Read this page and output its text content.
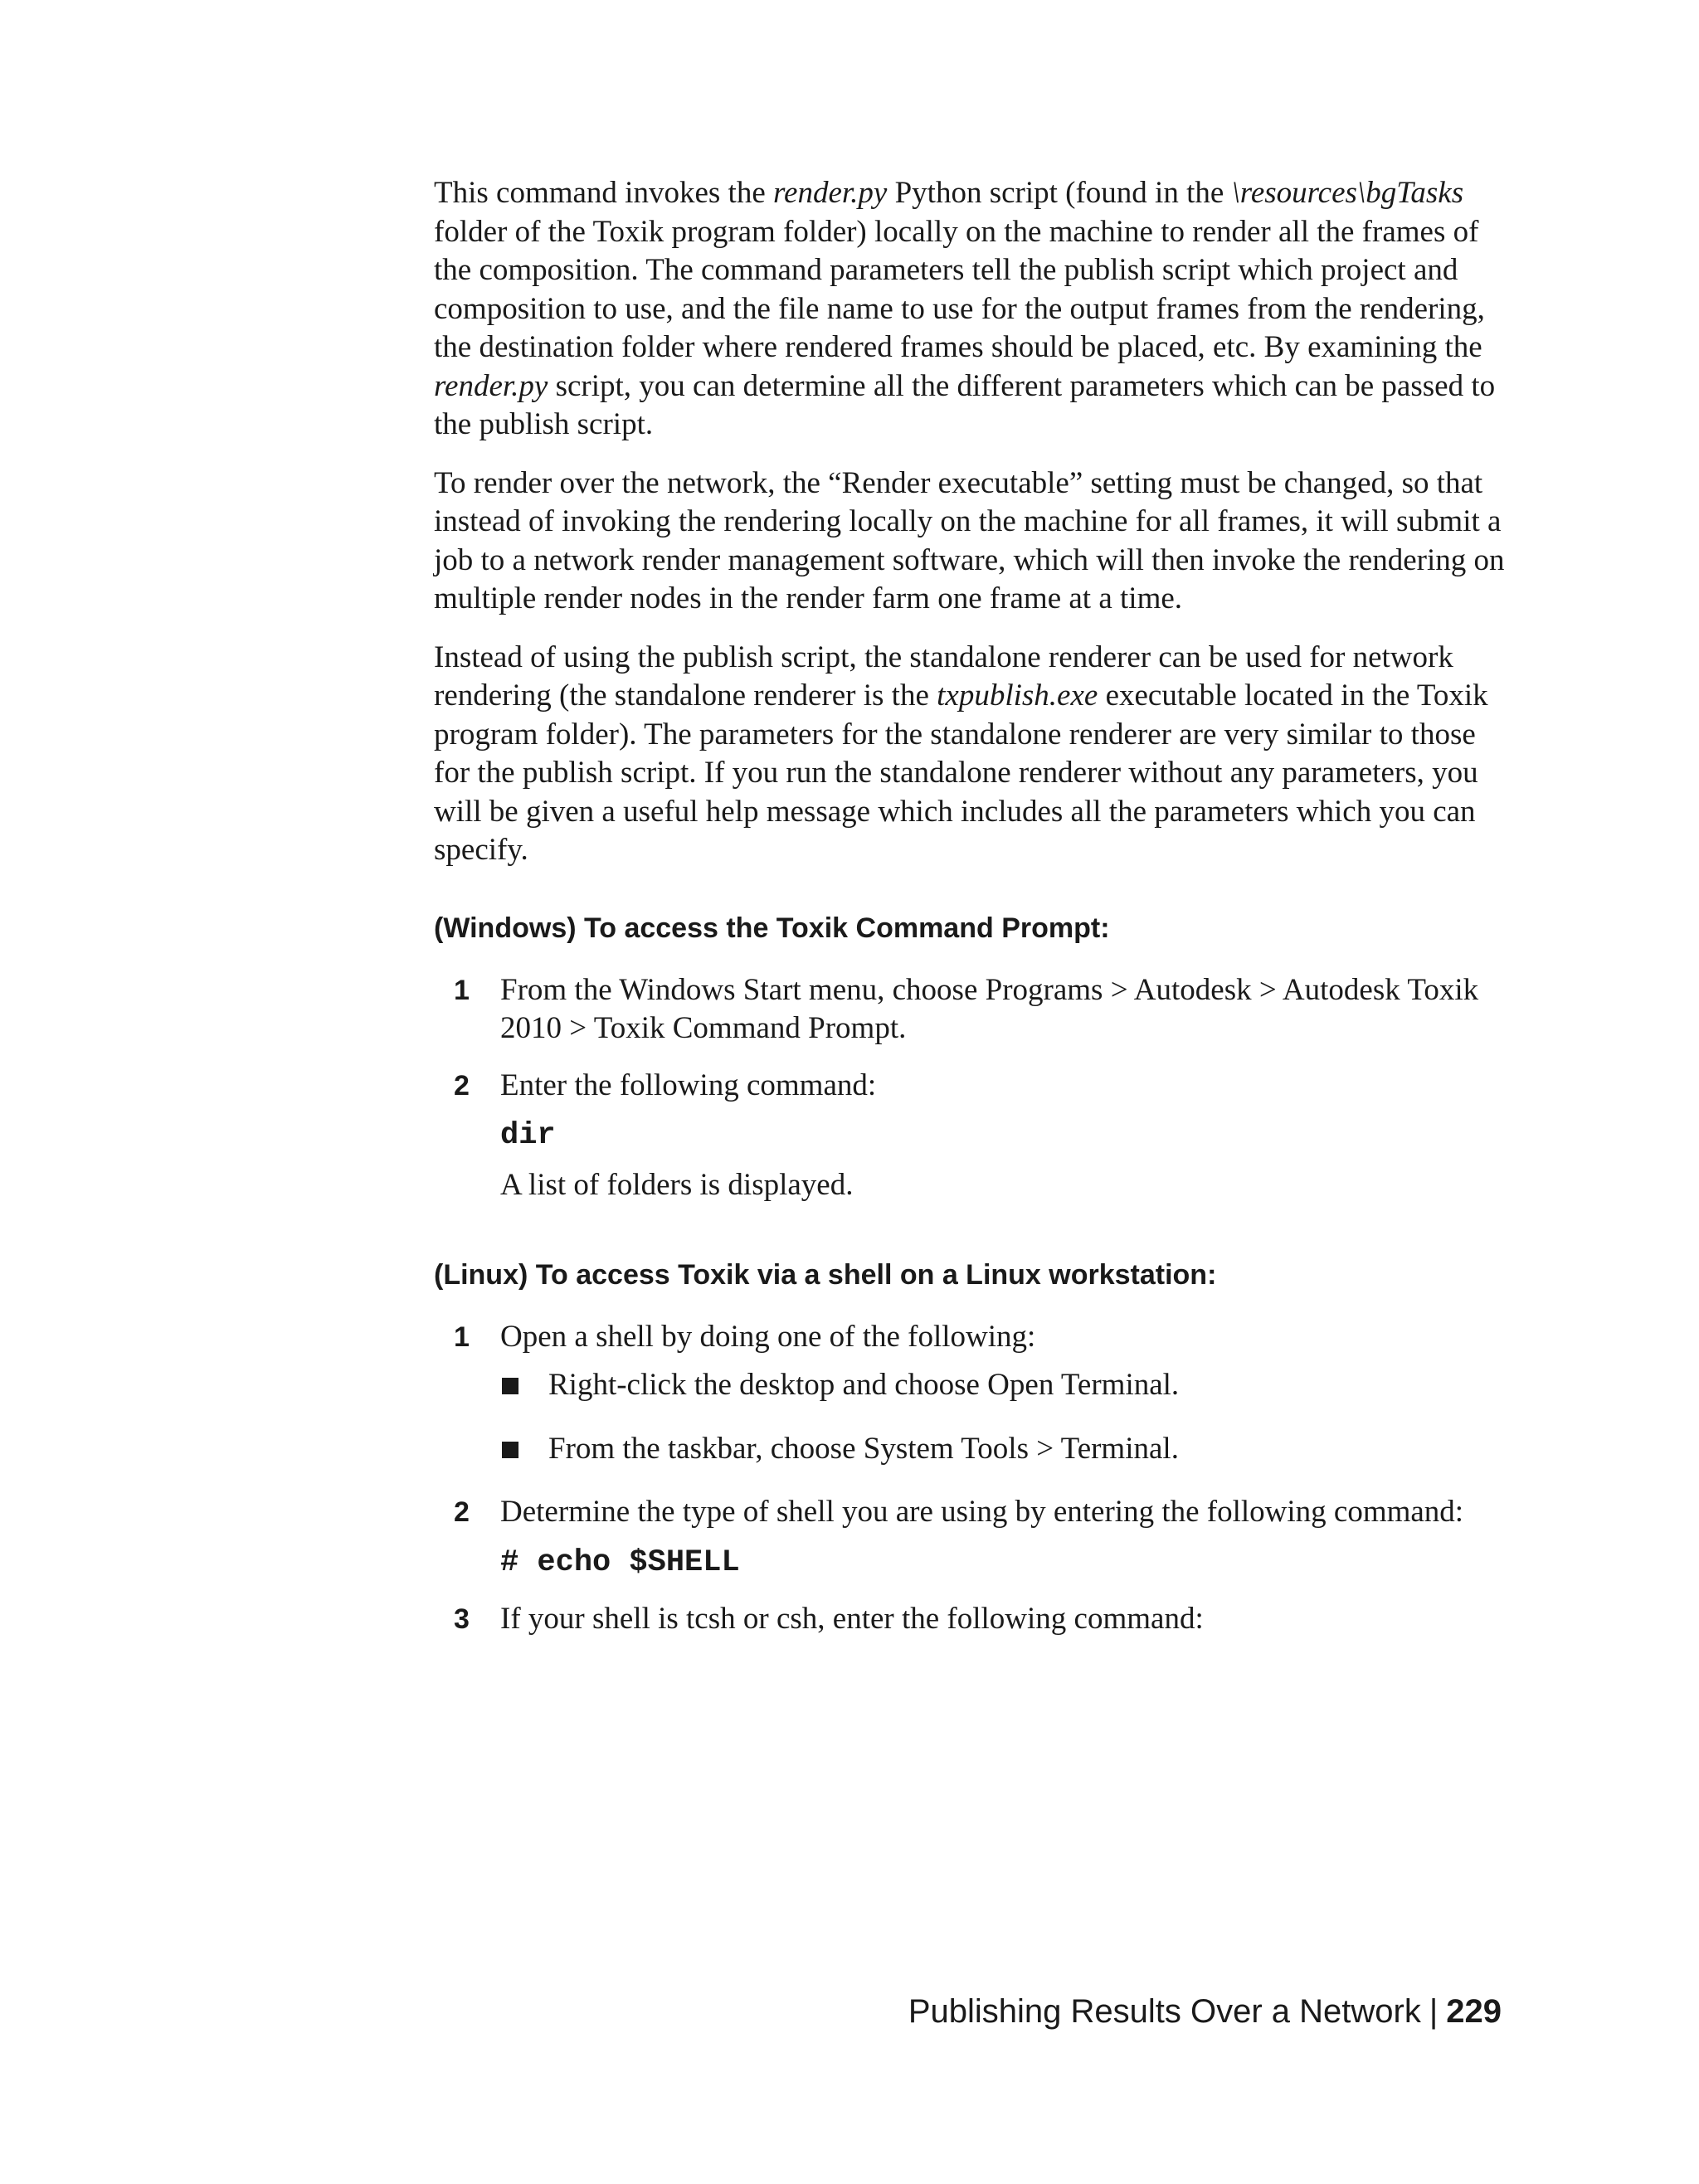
This command invokes the render.py Python script (found in the \resources\bgTasks folder of the Toxik program folder) locally on the machine to render all the frames of the composition. The command parameters tell the publish script which project and composition to use, and the file name to use for the output frames from the rendering, the destination folder where rendered frames should be placed, etc. By examining the render.py script, you can determine all the different parameters which can be passed to the publish script.

To render over the network, the “Render executable” setting must be changed, so that instead of invoking the rendering locally on the machine for all frames, it will submit a job to a network render management software, which will then invoke the rendering on multiple render nodes in the render farm one frame at a time.

Instead of using the publish script, the standalone renderer can be used for network rendering (the standalone renderer is the txpublish.exe executable located in the Toxik program folder). The parameters for the standalone renderer are very similar to those for the publish script. If you run the standalone renderer without any parameters, you will be given a useful help message which includes all the parameters which you can specify.

(Windows) To access the Toxik Command Prompt:
1 From the Windows Start menu, choose Programs > Autodesk > Autodesk Toxik 2010 > Toxik Command Prompt.
2 Enter the following command:
dir
A list of folders is displayed.
(Linux) To access Toxik via a shell on a Linux workstation:
1 Open a shell by doing one of the following:
Right-click the desktop and choose Open Terminal.
From the taskbar, choose System Tools > Terminal.
2 Determine the type of shell you are using by entering the following command:
# echo $SHELL
3 If your shell is tcsh or csh, enter the following command:
Publishing Results Over a Network | 229
